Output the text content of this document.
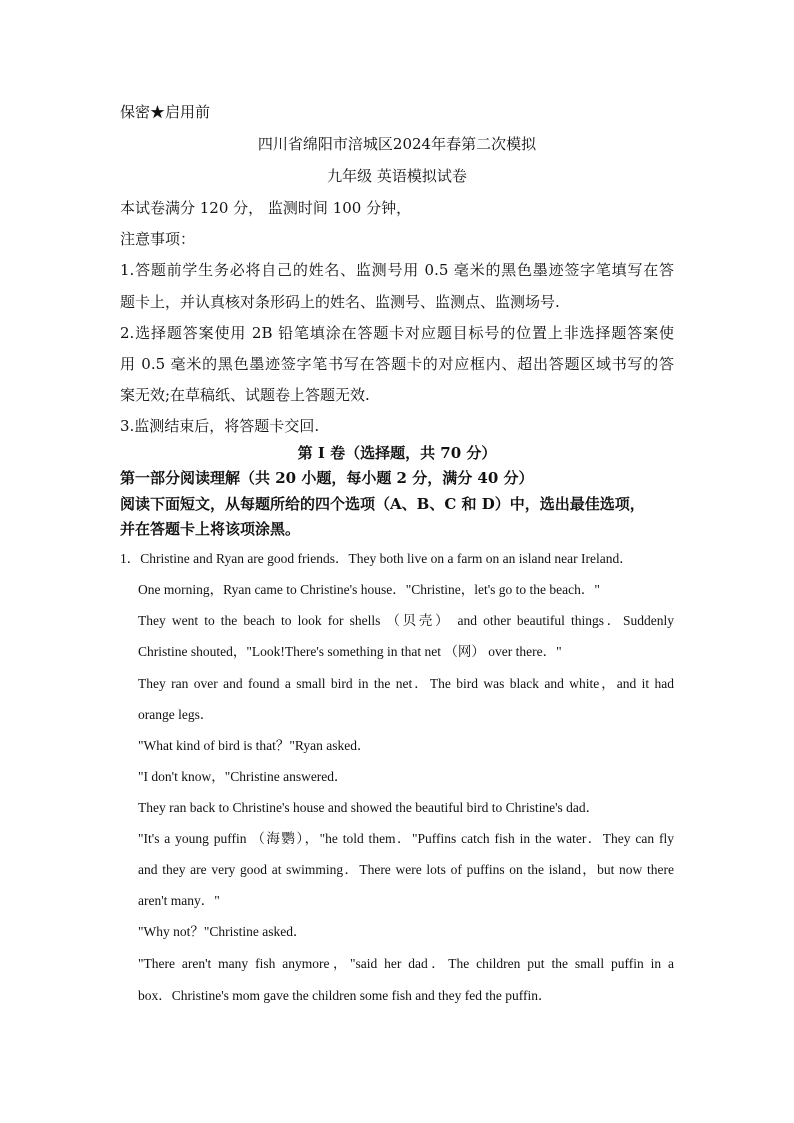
保密★启用前
四川省绵阳市涪城区2024年春第二次模拟
九年级 英语模拟试卷
本试卷满分 120 分， 监测时间 100 分钟，
注意事项：
1.答题前学生务必将自己的姓名、监测号用 0.5 毫米的黑色墨迹签字笔填写在答
题卡上，并认真核对条形码上的姓名、监测号、监测点、监测场号.
2.选择题答案使用 2B 铅笔填涂在答题卡对应题目标号的位置上非选择题答案使
用 0.5 毫米的黑色墨迹签字笔书写在答题卡的对应框内、超出答题区域书写的答
案无效;在草稿纸、试题卷上答题无效.
3.监测结束后，将答题卡交回.
第 I 卷（选择题，共 70 分）
第一部分阅读理解（共 20 小题，每小题 2 分，满分 40 分）
阅读下面短文，从每题所给的四个选项（A、B、C 和 D）中，选出最佳选项，
并在答题卡上将该项涂黑。
1．Christine and Ryan are good friends．They both live on a farm on an island near Ireland．
One morning，Ryan came to Christine's house．"Christine，let's go to the beach．"
They went to the beach to look for shells （贝壳） and other beautiful things．Suddenly
Christine shouted，"Look!There's something in that net （网） over there．"
They ran over and found a small bird in the net．The bird was black and white，and it had
orange legs．
"What kind of bird is that？"Ryan asked．
"I don't know，"Christine answered．
They ran back to Christine's house and showed the beautiful bird to Christine's dad．
"It's a young puffin （海鹦），"he told them．"Puffins catch fish in the water．They can fly
and they are very good at swimming．There were lots of puffins on the island，but now there
aren't many．"
"Why not？"Christine asked．
"There aren't many fish anymore，"said her dad．The children put the small puffin in a
box．Christine's mom gave the children some fish and they fed the puffin．
